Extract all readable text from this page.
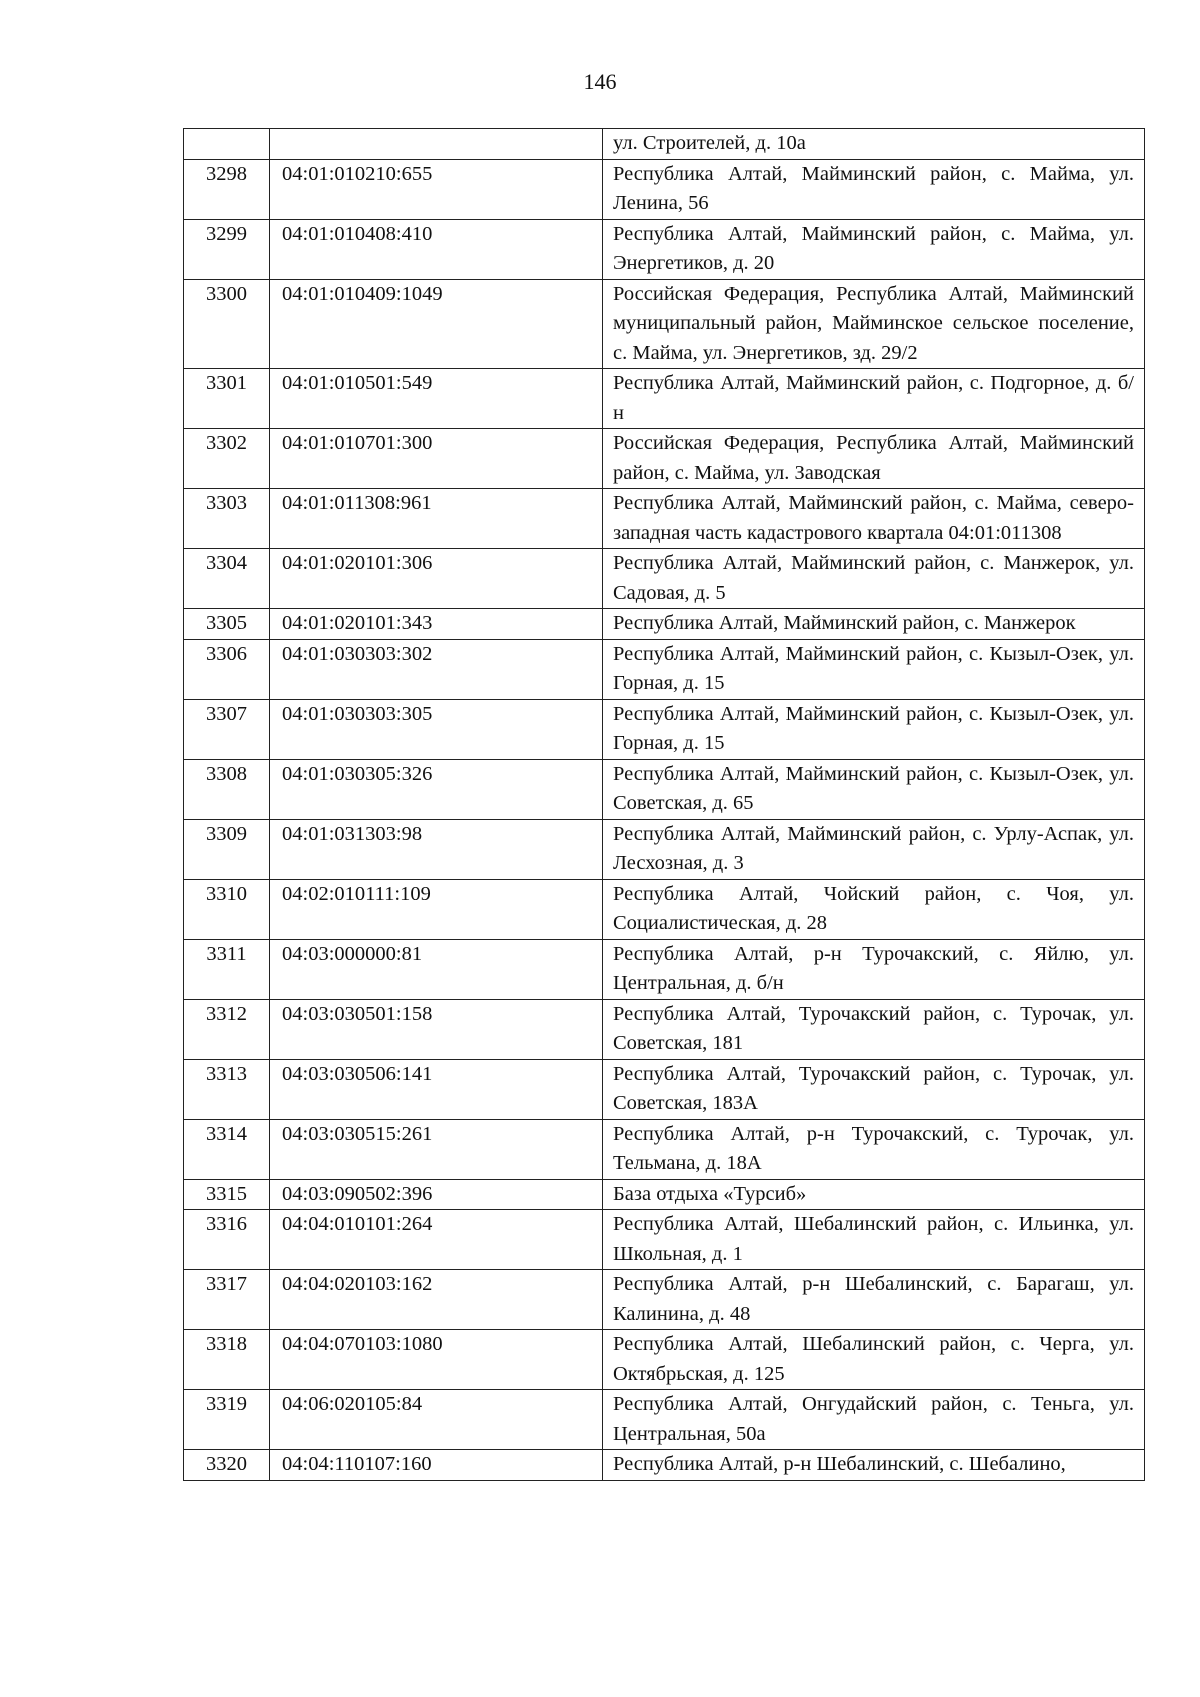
146
		ул. Строителей, д. 10а
3298	04:01:010210:655	Республика Алтай, Майминский район, с. Майма, ул. Ленина, 56
3299	04:01:010408:410	Республика Алтай, Майминский район, с. Майма, ул. Энергетиков, д. 20
3300	04:01:010409:1049	Российская Федерация, Республика Алтай, Майминский муниципальный район, Майминское сельское поселение, с. Майма, ул. Энергетиков, зд. 29/2
3301	04:01:010501:549	Республика Алтай, Майминский район, с. Подгорное, д. б/н
3302	04:01:010701:300	Российская Федерация, Республика Алтай, Майминский район, с. Майма, ул. Заводская
3303	04:01:011308:961	Республика Алтай, Майминский район, с. Майма, северо-западная часть кадастрового квартала 04:01:011308
3304	04:01:020101:306	Республика Алтай, Майминский район, с. Манжерок, ул. Садовая, д. 5
3305	04:01:020101:343	Республика Алтай, Майминский район, с. Манжерок
3306	04:01:030303:302	Республика Алтай, Майминский район, с. Кызыл-Озек, ул. Горная, д. 15
3307	04:01:030303:305	Республика Алтай, Майминский район, с. Кызыл-Озек, ул. Горная, д. 15
3308	04:01:030305:326	Республика Алтай, Майминский район, с. Кызыл-Озек, ул. Советская, д. 65
3309	04:01:031303:98	Республика Алтай, Майминский район, с. Урлу-Аспак, ул. Лесхозная, д. 3
3310	04:02:010111:109	Республика Алтай, Чойский район, с. Чоя, ул. Социалистическая, д. 28
3311	04:03:000000:81	Республика Алтай, р-н Турочакский, с. Яйлю, ул. Центральная, д. б/н
3312	04:03:030501:158	Республика Алтай, Турочакский район, с. Турочак, ул. Советская, 181
3313	04:03:030506:141	Республика Алтай, Турочакский район, с. Турочак, ул. Советская, 183А
3314	04:03:030515:261	Республика Алтай, р-н Турочакский, с. Турочак, ул. Тельмана, д. 18А
3315	04:03:090502:396	База отдыха «Турсиб»
3316	04:04:010101:264	Республика Алтай, Шебалинский район, с. Ильинка, ул. Школьная, д. 1
3317	04:04:020103:162	Республика Алтай, р-н Шебалинский, с. Барагаш, ул. Калинина, д. 48
3318	04:04:070103:1080	Республика Алтай, Шебалинский район, с. Черга, ул. Октябрьская, д. 125
3319	04:06:020105:84	Республика Алтай, Онгудайский район, с. Теньга, ул. Центральная, 50а
3320	04:04:110107:160	Республика Алтай, р-н Шебалинский, с. Шебалино,
